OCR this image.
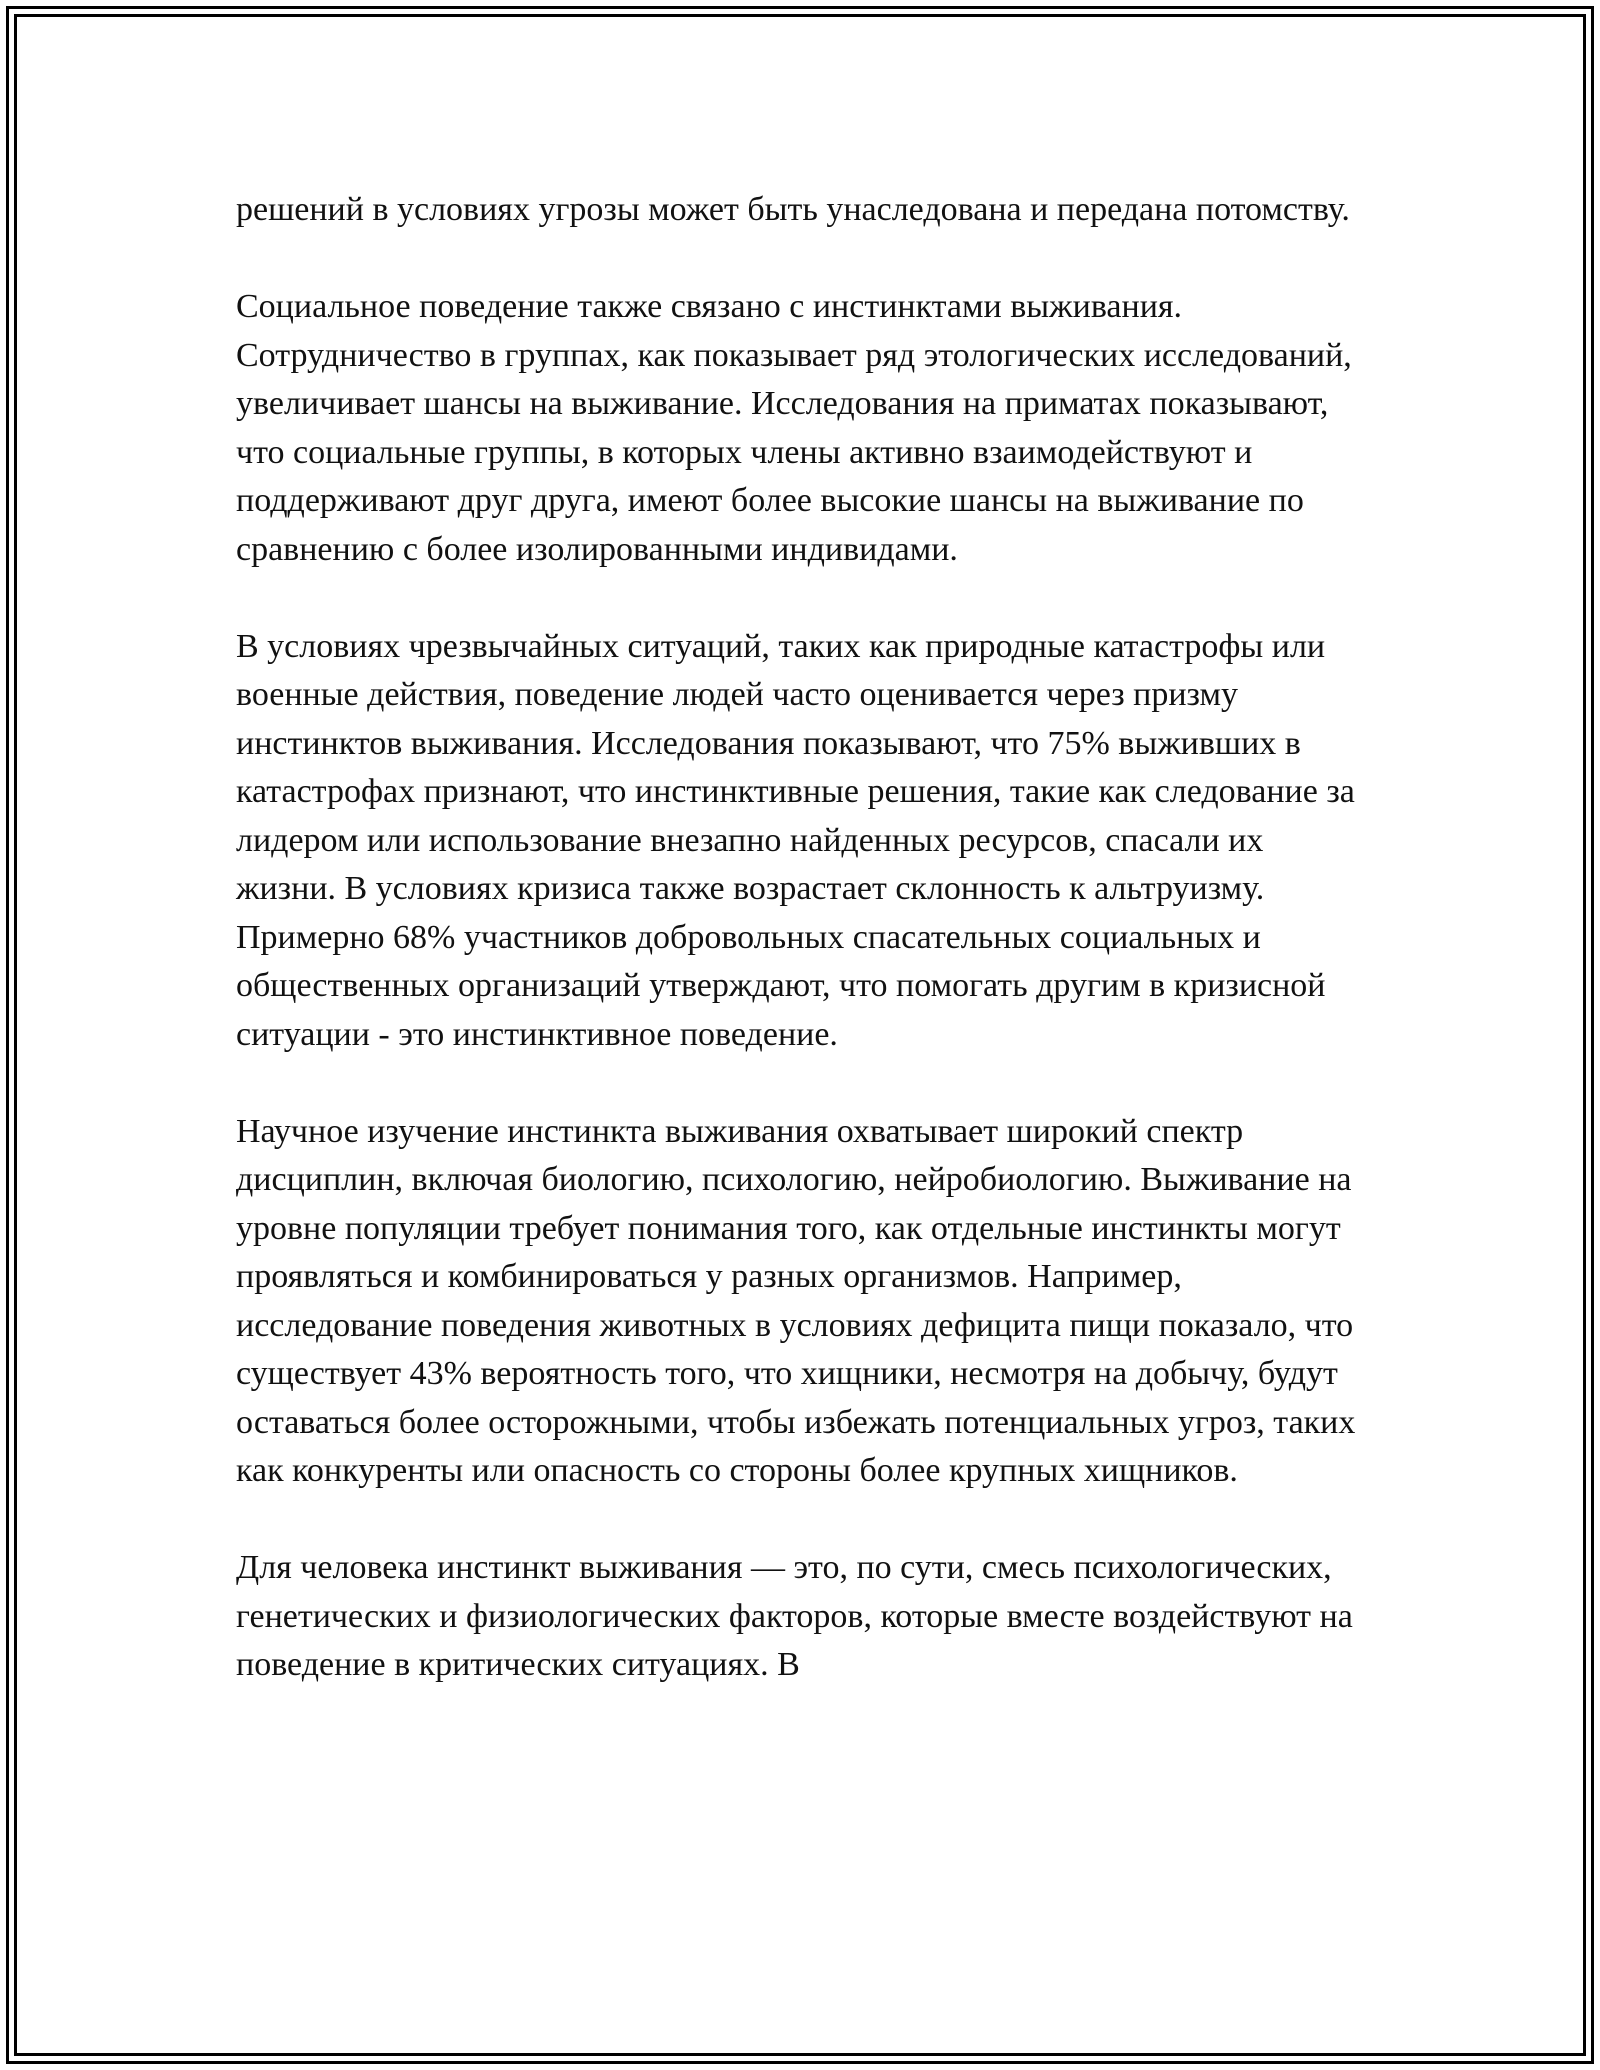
решений в условиях угрозы может быть унаследована и передана потомству.

Социальное поведение также связано с инстинктами выживания. Сотрудничество в группах, как показывает ряд этологических исследований, увеличивает шансы на выживание. Исследования на приматах показывают, что социальные группы, в которых члены активно взаимодействуют и поддерживают друг друга, имеют более высокие шансы на выживание по сравнению с более изолированными индивидами.

В условиях чрезвычайных ситуаций, таких как природные катастрофы или военные действия, поведение людей часто оценивается через призму инстинктов выживания. Исследования показывают, что 75% выживших в катастрофах признают, что инстинктивные решения, такие как следование за лидером или использование внезапно найденных ресурсов, спасали их жизни. В условиях кризиса также возрастает склонность к альтруизму. Примерно 68% участников добровольных спасательных социальных и общественных организаций утверждают, что помогать другим в кризисной ситуации - это инстинктивное поведение.

Научное изучение инстинкта выживания охватывает широкий спектр дисциплин, включая биологию, психологию, нейробиологию. Выживание на уровне популяции требует понимания того, как отдельные инстинкты могут проявляться и комбинироваться у разных организмов. Например, исследование поведения животных в условиях дефицита пищи показало, что существует 43% вероятность того, что хищники, несмотря на добычу, будут оставаться более осторожными, чтобы избежать потенциальных угроз, таких как конкуренты или опасность со стороны более крупных хищников.

Для человека инстинкт выживания — это, по сути, смесь психологических, генетических и физиологических факторов, которые вместе воздействуют на поведение в критических ситуациях. В
